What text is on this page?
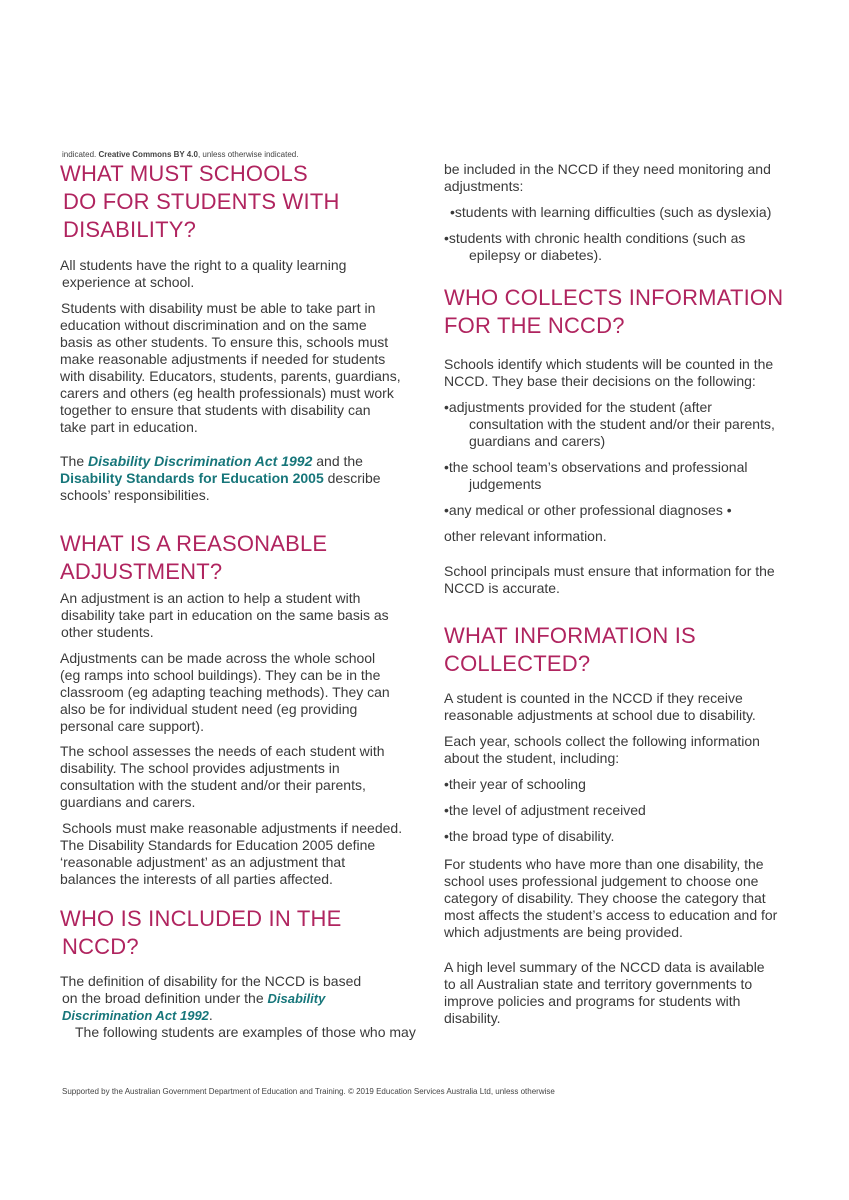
indicated. Creative Commons BY 4.0, unless otherwise indicated.
WHAT MUST SCHOOLS
DO FOR STUDENTS WITH
DISABILITY?
All students have the right to a quality learning
experience at school.
Students with disability must be able to take part in
education without discrimination and on the same
basis as other students. To ensure this, schools must
make reasonable adjustments if needed for students
with disability. Educators, students, parents, guardians,
carers and others (eg health professionals) must work
together to ensure that students with disability can
take part in education.
The Disability Discrimination Act 1992 and the
Disability Standards for Education 2005 describe
schools’ responsibilities.
WHAT IS A REASONABLE
ADJUSTMENT?
An adjustment is an action to help a student with
disability take part in education on the same basis as
other students.
Adjustments can be made across the whole school
(eg ramps into school buildings). They can be in the
classroom (eg adapting teaching methods). They can
also be for individual student need (eg providing
personal care support).
The school assesses the needs of each student with
disability. The school provides adjustments in
consultation with the student and/or their parents,
guardians and carers.
Schools must make reasonable adjustments if needed.
The Disability Standards for Education 2005 define
‘reasonable adjustment’ as an adjustment that
balances the interests of all parties affected.
WHO IS INCLUDED IN THE
NCCD?
The definition of disability for the NCCD is based
on the broad definition under the Disability
Discrimination Act 1992.
The following students are examples of those who may
be included in the NCCD if they need monitoring and
adjustments:
• students with learning difficulties (such as dyslexia)
• students with chronic health conditions (such as
epilepsy or diabetes).
WHO COLLECTS INFORMATION
FOR THE NCCD?
Schools identify which students will be counted in the
NCCD. They base their decisions on the following:
• adjustments provided for the student (after
consultation with the student and/or their parents,
guardians and carers)
• the school team’s observations and professional
judgements
• any medical or other professional diagnoses •
other relevant information.
School principals must ensure that information for the
NCCD is accurate.
WHAT INFORMATION IS
COLLECTED?
A student is counted in the NCCD if they receive
reasonable adjustments at school due to disability.
Each year, schools collect the following information
about the student, including:
• their year of schooling
• the level of adjustment received
• the broad type of disability.
For students who have more than one disability, the
school uses professional judgement to choose one
category of disability. They choose the category that
most affects the student’s access to education and for
which adjustments are being provided.
A high level summary of the NCCD data is available
to all Australian state and territory governments to
improve policies and programs for students with
disability.
Supported by the Australian Government Department of Education and Training. © 2019 Education Services Australia Ltd, unless otherwise
